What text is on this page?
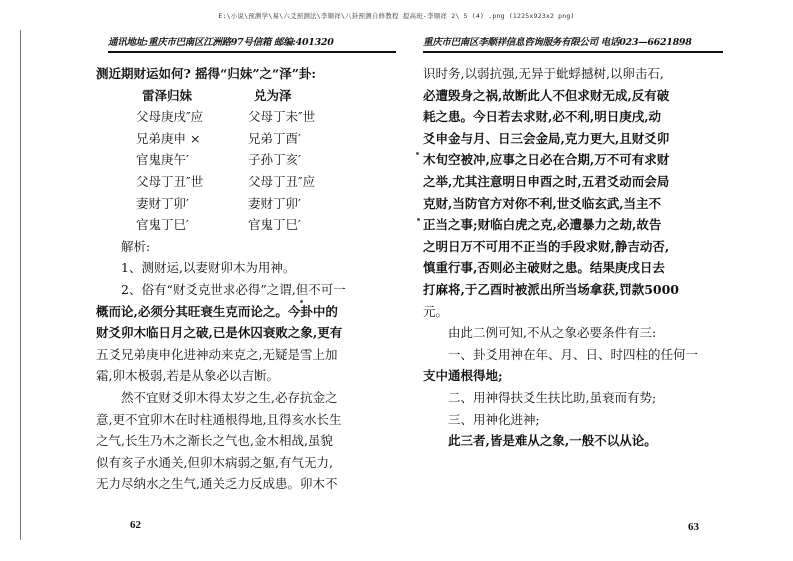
E:\小说\预测学\易\六爻预测法\李顺祥\八卦预测自修教程 提高班-李顺祥 2\ 5 (4) .png (1225x923x2 png)
通讯地址:重庆市巴南区江洲路97号信箱 邮编:401320
测近期财运如何? 摇得“归妹”之“泽”卦:
雷泽归妹	兑为泽
父母庚戌″应	父母丁未″世
兄弟庚申 ×	兄弟丁酉′
官鬼庚午′	子孙丁亥′
父母丁丑″世	父母丁丑″应
妻财丁卯′	妻财丁卯′
官鬼丁巳′	官鬼丁巳′
解析:
1、测财运,以妻财卯木为用神。
2、俗有“财爻克世求必得”之谓,但不可一
概而论,必须分其旺衰生克而论之。今卦中的
财爻卯木临日月之破,已是休囚衰败之象,更有
五爻兄弟庚申化进神动来克之,无疑是雪上加
霜,卯木极弱,若是从象必以吉断。
然不宜财爻卯木得太岁之生,必存抗金之
意,更不宜卯木在时柱通根得地,且得亥水长生
之气,长生乃木之渐长之气也,金木相战,虽貌
似有亥子水通关,但卯木病弱之躯,有气无力,
无力尽纳水之生气,通关乏力反成患。卯木不
62
重庆市巴南区李顺祥信息咨询服务有限公司 电话023—6621898
识时务,以弱抗强,无异于蚍蜉撼树,以卵击石,
必遭毁身之祸,故断此人不但求财无成,反有破
耗之患。今日若去求财,必不利,明日庚戌,动
爻申金与月、日三会金局,克力更大,且财爻卯
木旬空被冲,应事之日必在合期,万不可有求财
之举,尤其注意明日申酉之时,五君爻动而会局
克财,当防官方对你不利,世爻临玄武,当主不
正当之事;财临白虎之克,必遭暴力之劫,故告
之明日万不可用不正当的手段求财,静吉动否,
慎重行事,否则必主破财之患。结果庚戌日去
打麻将,于乙酉时被派出所当场拿获,罚款5000
元。
由此二例可知,不从之象必要条件有三:
一、卦爻用神在年、月、日、时四柱的任何一
支中通根得地;
二、用神得扶爻生扶比助,虽衰而有势;
三、用神化进神;
此三者,皆是难从之象,一般不以从论。
63
